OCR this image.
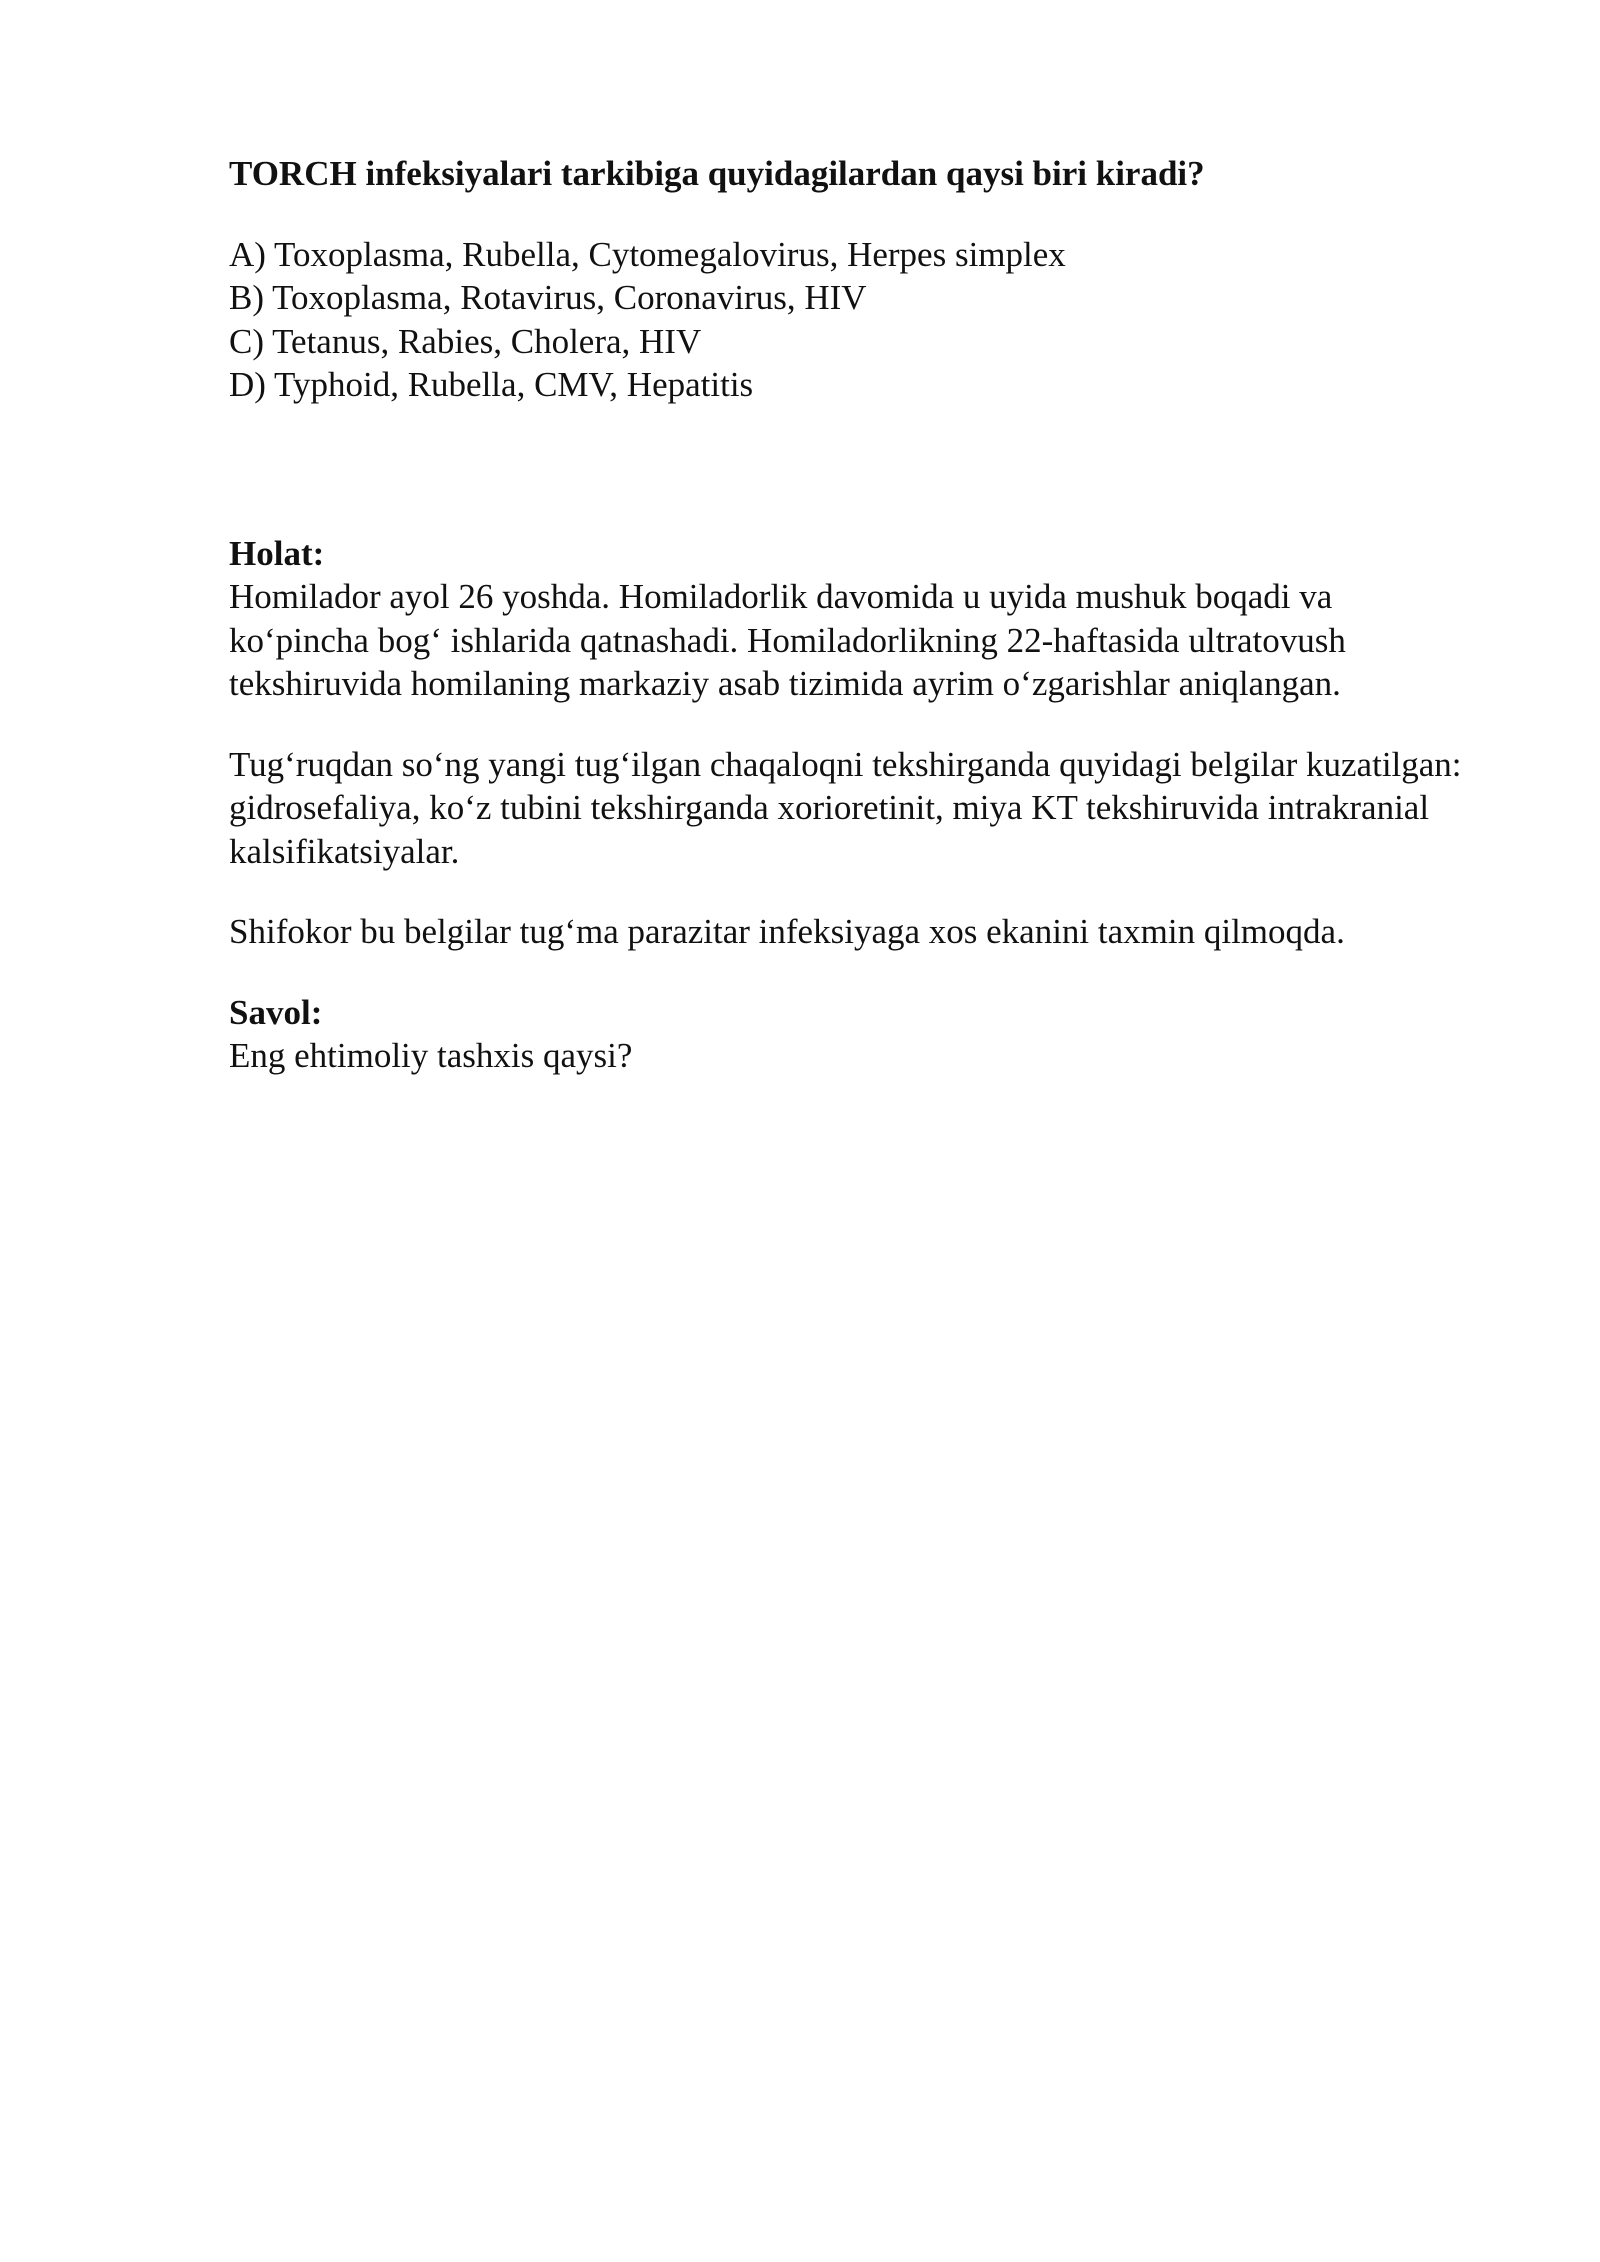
TORCH infeksiyalari tarkibiga quyidagilardan qaysi biri kiradi?

A) Toxoplasma, Rubella, Cytomegalovirus, Herpes simplex
B) Toxoplasma, Rotavirus, Coronavirus, HIV
C) Tetanus, Rabies, Cholera, HIV
D) Typhoid, Rubella, CMV, Hepatitis

Holat:

Homilador ayol 26 yoshda. Homiladorlik davomida u uyida mushuk boqadi va ko‘pincha bog‘ ishlarida qatnashadi. Homiladorlikning 22-haftasida ultratovush tekshiruvida homilaning markaziy asab tizimida ayrim o‘zgarishlar aniqlangan.

Tug‘ruqdan so‘ng yangi tug‘ilgan chaqaloqni tekshirganda quyidagi belgilar kuzatilgan: gidrosefaliya, ko‘z tubini tekshirganda xorioretinit, miya KT tekshiruvida intrakranial kalsifikatsiyalar.

Shifokor bu belgilar tug‘ma parazitar infeksiyaga xos ekanini taxmin qilmoqda.

Savol:

Eng ehtimoliy tashxis qaysi?
